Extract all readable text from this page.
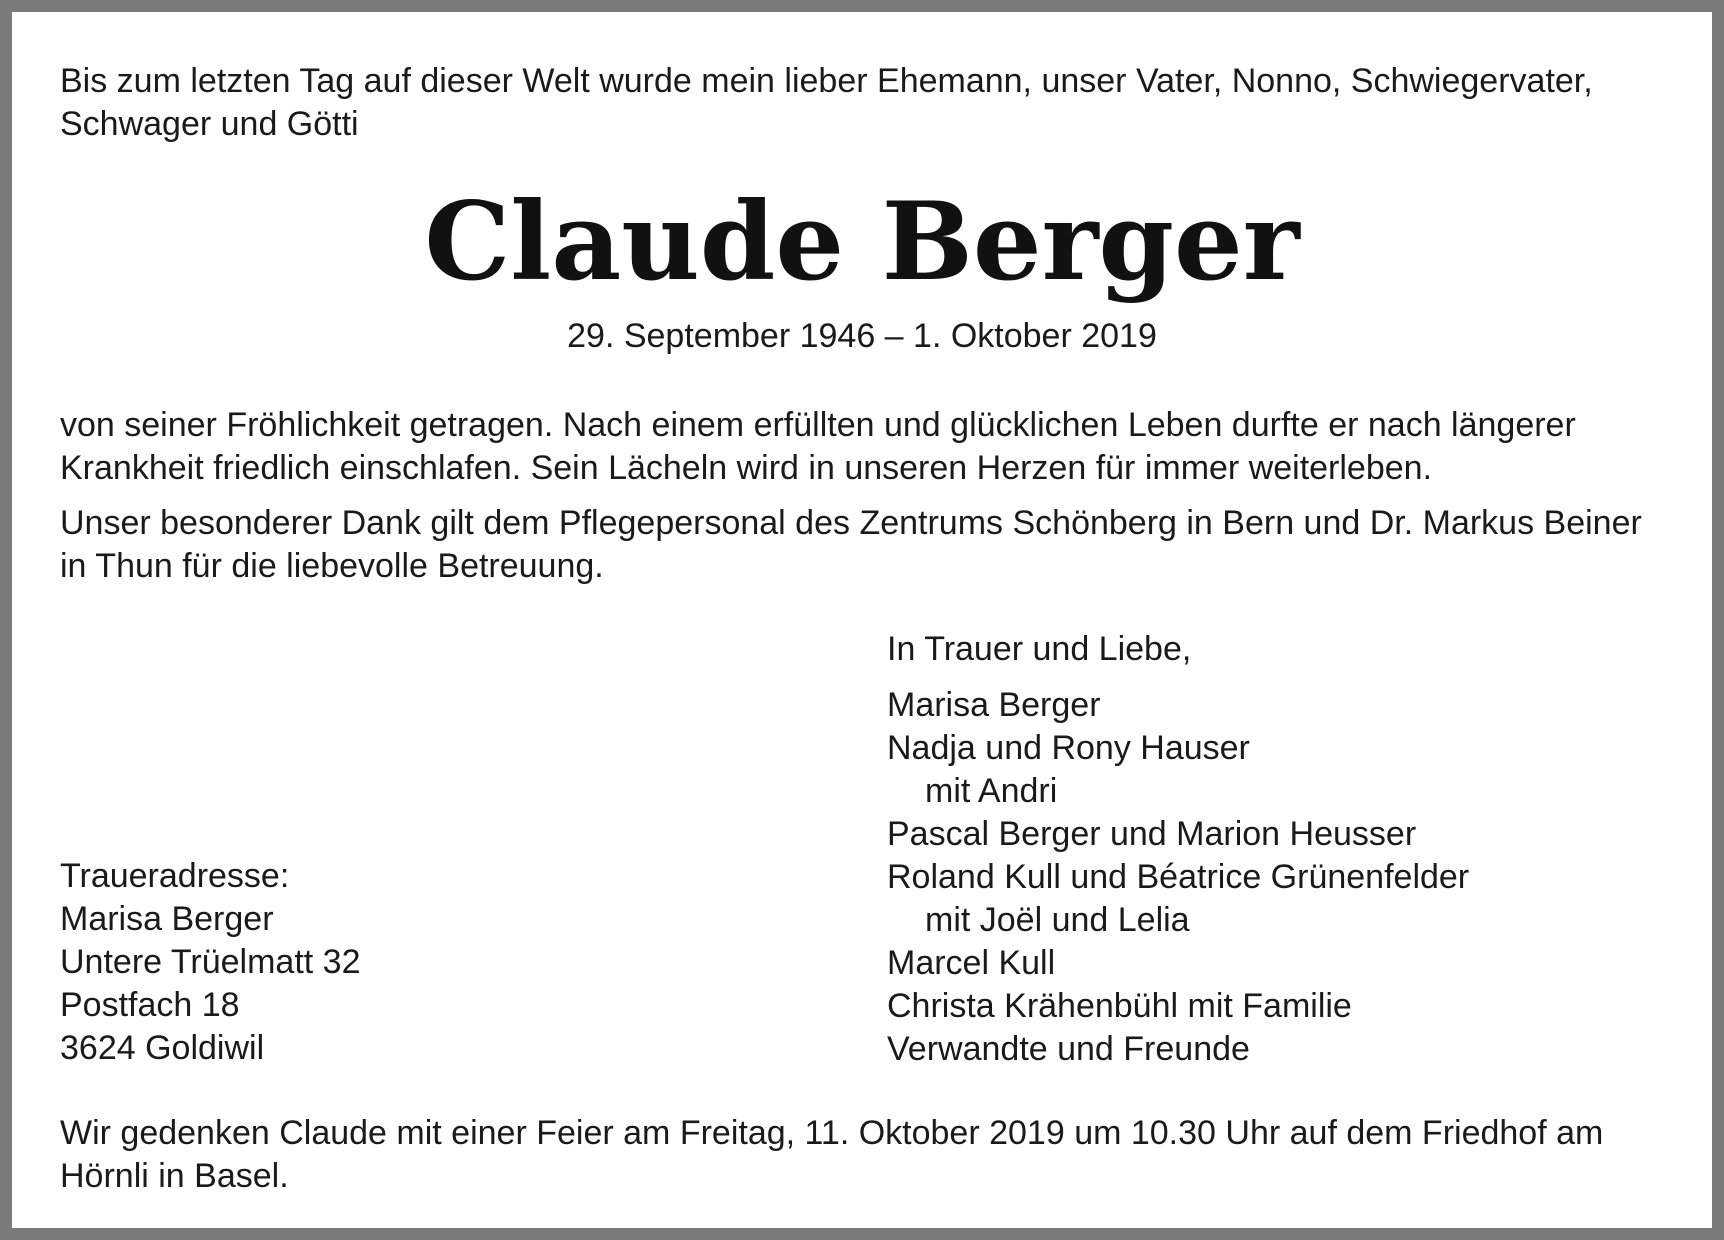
Bis zum letzten Tag auf dieser Welt wurde mein lieber Ehemann, unser Vater, Nonno, Schwiegervater, Schwager und Götti

Claude Berger

29. September 1946 – 1. Oktober 2019

von seiner Fröhlichkeit getragen. Nach einem erfüllten und glücklichen Leben durfte er nach längerer Krankheit friedlich einschlafen. Sein Lächeln wird in unseren Herzen für immer weiterleben.

Unser besonderer Dank gilt dem Pflegepersonal des Zentrums Schönberg in Bern und Dr. Markus Beiner in Thun für die liebevolle Betreuung.

In Trauer und Liebe,

Marisa Berger
Nadja und Rony Hauser
mit Andri
Pascal Berger und Marion Heusser
Roland Kull und Béatrice Grünenfelder
mit Joël und Lelia
Marcel Kull
Christa Krähenbühl mit Familie
Verwandte und Freunde
Traueradresse:
Marisa Berger
Untere Trüelmatt 32
Postfach 18
3624 Goldiwil

Wir gedenken Claude mit einer Feier am Freitag, 11. Oktober 2019 um 10.30 Uhr auf dem Friedhof am Hörnli in Basel.
